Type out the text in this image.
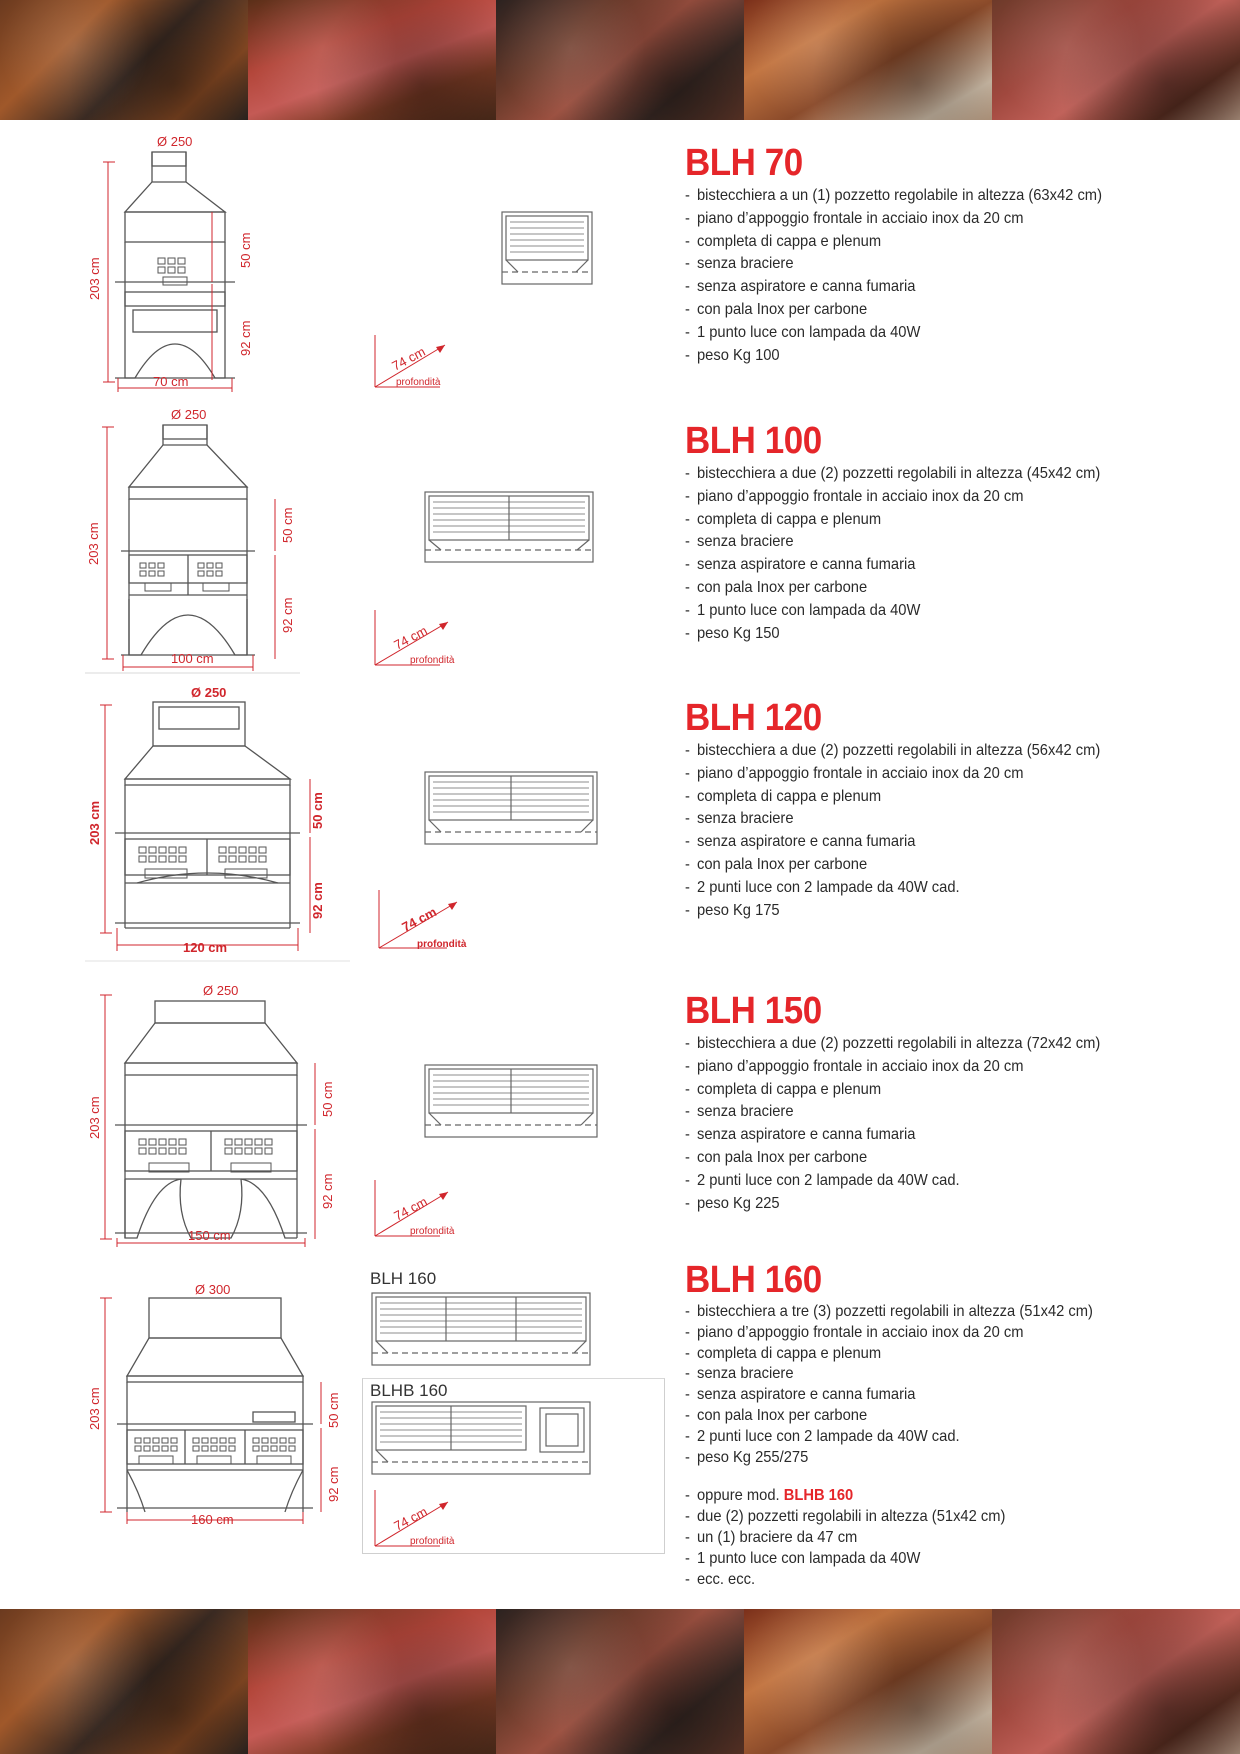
Ø 250
203 cm
50 cm
92 cm
70 cm
74 cm
profondità
BLH 70
- bistecchiera a un (1) pozzetto regolabile in altezza (63x42 cm)
- piano d’appoggio frontale in acciaio inox da 20 cm
- completa di cappa e plenum
- senza braciere
- senza aspiratore e canna fumaria
- con pala Inox per carbone
- 1 punto luce con lampada da 40W
- peso Kg 100
Ø 250
203 cm	50 cm
92 cm
100 cm
74 cm
profondità
BLH 100
- bistecchiera a due (2) pozzetti regolabili in altezza (45x42 cm)
- piano d’appoggio frontale in acciaio inox da 20 cm
- completa di cappa e plenum
- senza braciere
- senza aspiratore e canna fumaria
- con pala Inox per carbone
- 1 punto luce con lampada da 40W
- peso Kg 150
Ø 250
203 cm	50 cm
92 cm
120 cm
74 cm
profondità
BLH 120
- bistecchiera a due (2) pozzetti regolabili in altezza (56x42 cm)
- piano d’appoggio frontale in acciaio inox da 20 cm
- completa di cappa e plenum
- senza braciere
- senza aspiratore e canna fumaria
- con pala Inox per carbone
- 2 punti luce con 2 lampade da 40W cad.
- peso Kg 175
Ø 250
203 cm	50 cm
92 cm
150 cm
74 cm
profondità
BLH 150
- bistecchiera a due (2) pozzetti regolabili in altezza (72x42 cm)
- piano d’appoggio frontale in acciaio inox da 20 cm
- completa di cappa e plenum
- senza braciere
- senza aspiratore e canna fumaria
- con pala Inox per carbone
- 2 punti luce con 2 lampade da 40W cad.
- peso Kg 225
Ø 300
203 cm	50 cm
92 cm
160 cm
BLH 160
BLHB 160
74 cm
profondità
BLH 160
- bistecchiera a tre (3) pozzetti regolabili in altezza (51x42 cm)
- piano d’appoggio frontale in acciaio inox da 20 cm
- completa di cappa e plenum
- senza braciere
- senza aspiratore e canna fumaria
- con pala Inox per carbone
- 2 punti luce con 2 lampade da 40W cad.
- peso Kg 255/275
- oppure mod. BLHB 160
- due (2) pozzetti regolabili in altezza (51x42 cm)
- un (1) braciere da 47 cm
- 1 punto luce con lampada da 40W
- ecc. ecc.
